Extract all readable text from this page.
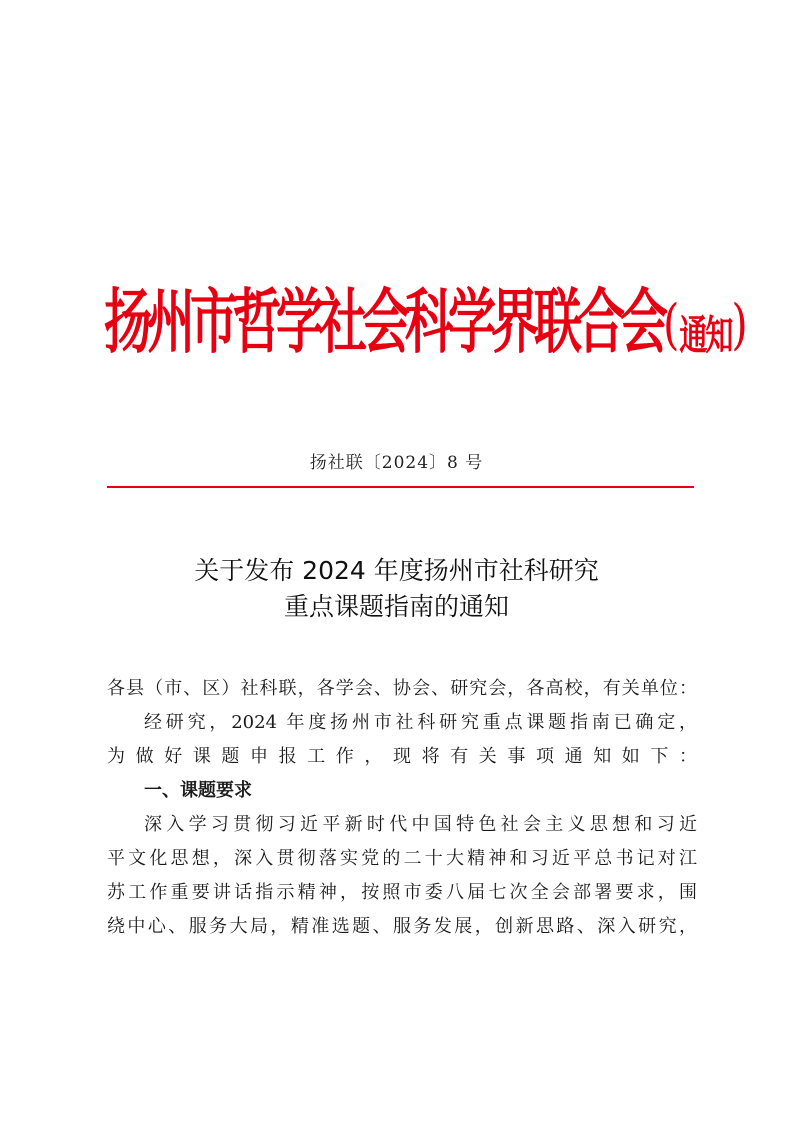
扬州市哲学社会科学界联合会(通知)
扬社联〔2024〕8 号
关于发布 2024 年度扬州市社科研究
重点课题指南的通知
各县（市、区）社科联，各学会、协会、研究会，各高校，有关单位：
经研究，2024 年度扬州市社科研究重点课题指南已确定，
为做好课题申报工作，现将有关事项通知如下：
一、课题要求
深入学习贯彻习近平新时代中国特色社会主义思想和习近
平文化思想，深入贯彻落实党的二十大精神和习近平总书记对江
苏工作重要讲话指示精神，按照市委八届七次全会部署要求，围
绕中心、服务大局，精准选题、服务发展，创新思路、深入研究，
